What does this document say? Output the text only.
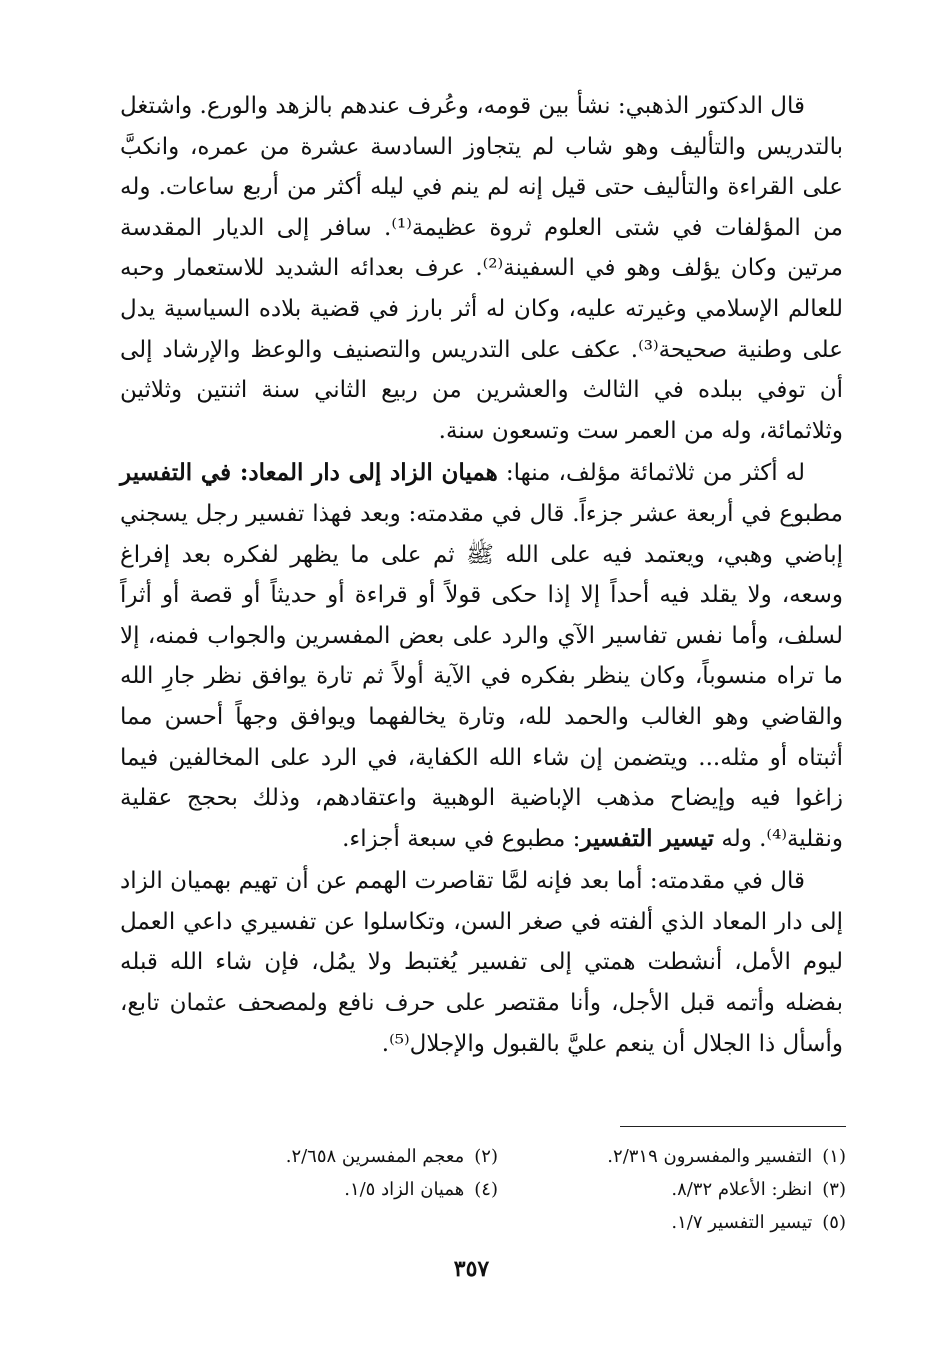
قال الدكتور الذهبي: نشأ بين قومه، وعُرف عندهم بالزهد والورع. واشتغل بالتدريس والتأليف وهو شاب لم يتجاوز السادسة عشرة من عمره، وانكبَّ على القراءة والتأليف حتى قيل إنه لم ينم في ليله أكثر من أربع ساعات. وله من المؤلفات في شتى العلوم ثروة عظيمة⁽¹⁾. سافر إلى الديار المقدسة مرتين وكان يؤلف وهو في السفينة⁽²⁾. عرف بعدائه الشديد للاستعمار وحبه للعالم الإسلامي وغيرته عليه، وكان له أثر بارز في قضية بلاده السياسية يدل على وطنية صحيحة⁽³⁾. عكف على التدريس والتصنيف والوعظ والإرشاد إلى أن توفي ببلده في الثالث والعشرين من ربيع الثاني سنة اثنتين وثلاثين وثلاثمائة، وله من العمر ست وتسعون سنة.

له أكثر من ثلاثمائة مؤلف، منها: هميان الزاد إلى دار المعاد: في التفسير مطبوع في أربعة عشر جزءاً. قال في مقدمته: وبعد فهذا تفسير رجل يسجني إباضي وهبي، ويعتمد فيه على الله ﷺ ثم على ما يظهر لفكره بعد إفراغ وسعه، ولا يقلد فيه أحداً إلا إذا حكى قولاً أو قراءة أو حديثاً أو قصة أو أثراً لسلف، وأما نفس تفاسير الآي والرد على بعض المفسرين والجواب فمنه، إلا ما تراه منسوباً، وكان ينظر بفكره في الآية أولاً ثم تارة يوافق نظر جارِ الله والقاضي وهو الغالب والحمد لله، وتارة يخالفهما ويوافق وجهاً أحسن مما أثبتاه أو مثله... ويتضمن إن شاء الله الكفاية، في الرد على المخالفين فيما زاغوا فيه وإيضاح مذهب الإباضية الوهبية واعتقادهم، وذلك بحجج عقلية ونقلية⁽⁴⁾. وله تيسير التفسير: مطبوع في سبعة أجزاء.

قال في مقدمته: أما بعد فإنه لمَّا تقاصرت الهمم عن أن تهيم بهميان الزاد إلى دار المعاد الذي ألفته في صغر السن، وتكاسلوا عن تفسيري داعي العمل ليوم الأمل، أنشطت همتي إلى تفسير يُغتبط ولا يمُل، فإن شاء الله قبله بفضله وأتمه قبل الأجل، وأنا مقتصر على حرف نافع ولمصحف عثمان تابع، وأسأل ذا الجلال أن ينعم عليَّ بالقبول والإجلال⁽⁵⁾.

(١)التفسير والمفسرون ٢/٣١٩.
(٢)معجم المفسرين ٢/٦٥٨.
(٣)انظر: الأعلام ٨/٣٢.
(٤)هميان الزاد ١/٥.
(٥)تيسير التفسير ١/٧.
٣٥٧
